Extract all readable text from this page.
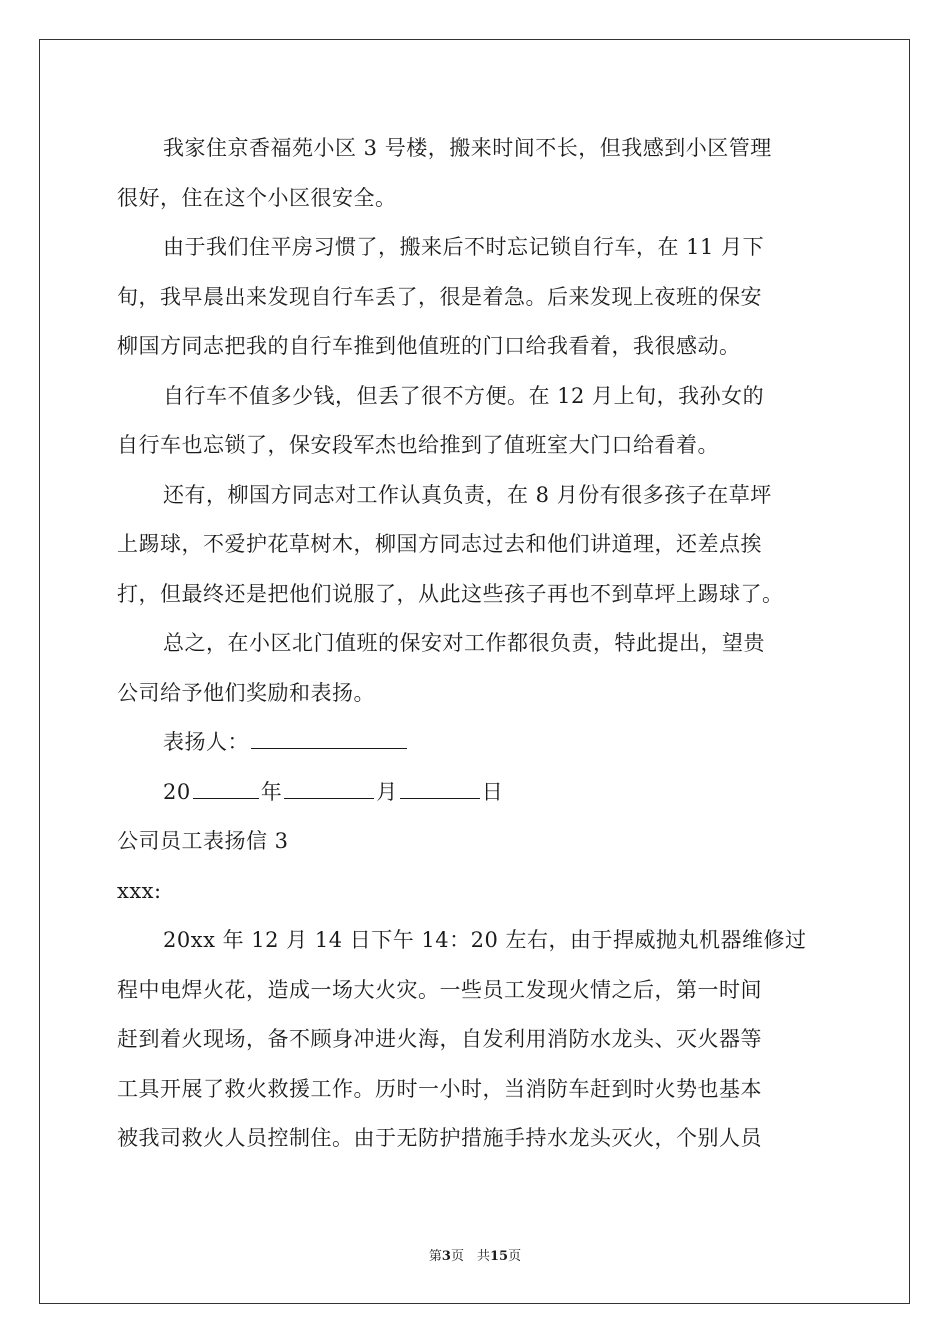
我家住京香福苑小区 3 号楼，搬来时间不长，但我感到小区管理
很好，住在这个小区很安全。
由于我们住平房习惯了，搬来后不时忘记锁自行车，在 11 月下
旬，我早晨出来发现自行车丢了，很是着急。后来发现上夜班的保安
柳国方同志把我的自行车推到他值班的门口给我看着，我很感动。
自行车不值多少钱，但丢了很不方便。在 12 月上旬，我孙女的
自行车也忘锁了，保安段军杰也给推到了值班室大门口给看着。
还有，柳国方同志对工作认真负责，在 8 月份有很多孩子在草坪
上踢球，不爱护花草树木，柳国方同志过去和他们讲道理，还差点挨
打，但最终还是把他们说服了，从此这些孩子再也不到草坪上踢球了。
总之，在小区北门值班的保安对工作都很负责，特此提出，望贵
公司给予他们奖励和表扬。
表扬人：
20	年	月	日
公司员工表扬信 3
xxx:
20xx 年 12 月 14 日下午 14：20 左右，由于捍威抛丸机器维修过
程中电焊火花，造成一场大火灾。一些员工发现火情之后，第一时间
赶到着火现场，备不顾身冲进火海，自发利用消防水龙头、灭火器等
工具开展了救火救援工作。历时一小时，当消防车赶到时火势也基本
被我司救火人员控制住。由于无防护措施手持水龙头灭火，个别人员
第3页　共15页
